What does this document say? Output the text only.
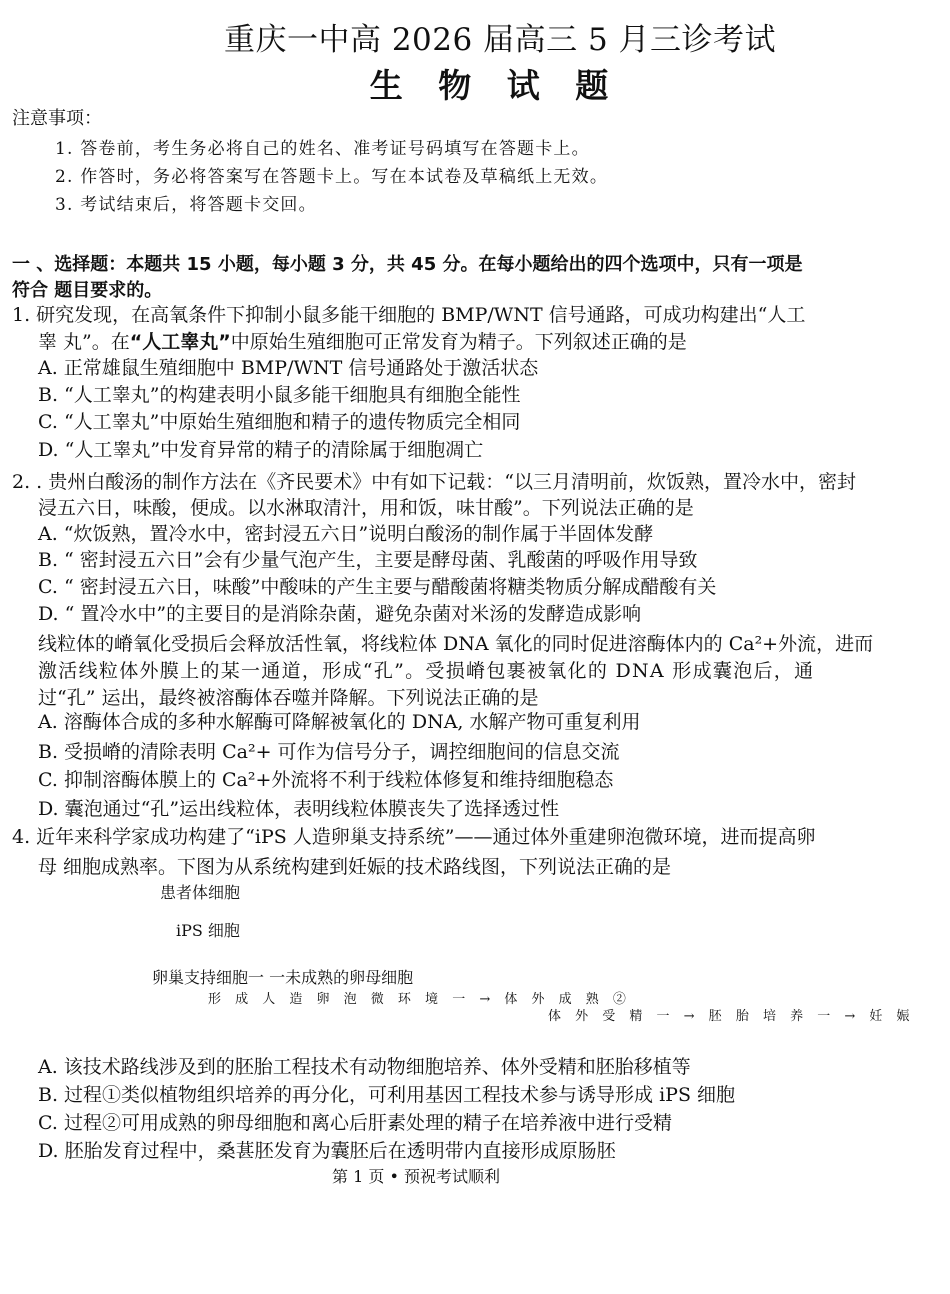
重庆一中高 2026 届高三 5 月三诊考试
生 物 试 题
注意事项：
1. 答卷前，考生务必将自己的姓名、准考证号码填写在答题卡上。
2. 作答时，务必将答案写在答题卡上。写在本试卷及草稿纸上无效。
3. 考试结束后，将答题卡交回。
一 、选择题：本题共 15 小题，每小题 3 分，共 45 分。在每小题给出的四个选项中，只有一项是
符合 题目要求的。
1. 研究发现，在高氧条件下抑制小鼠多能干细胞的 BMP/WNT 信号通路，可成功构建出“人工
睾 丸”。在“人工睾丸”中原始生殖细胞可正常发育为精子。下列叙述正确的是
A. 正常雄鼠生殖细胞中 BMP/WNT 信号通路处于激活状态
B. “人工睾丸”的构建表明小鼠多能干细胞具有细胞全能性
C. “人工睾丸”中原始生殖细胞和精子的遗传物质完全相同
D. “人工睾丸”中发育异常的精子的清除属于细胞凋亡
2. . 贵州白酸汤的制作方法在《齐民要术》中有如下记载：“以三月清明前，炊饭熟，置冷水中，密封
浸五六日，味酸，便成。以水淋取清汁，用和饭，味甘酸”。下列说法正确的是
A. “炊饭熟，置冷水中，密封浸五六日”说明白酸汤的制作属于半固体发酵
B. “ 密封浸五六日”会有少量气泡产生，主要是酵母菌、乳酸菌的呼吸作用导致
C. “ 密封浸五六日，味酸”中酸味的产生主要与醋酸菌将糖类物质分解成醋酸有关
D. “ 置冷水中”的主要目的是消除杂菌，避免杂菌对米汤的发酵造成影响
线粒体的嵴氧化受损后会释放活性氧，将线粒体 DNA 氧化的同时促进溶酶体内的 Ca²+外流，进而
激活线粒体外膜上的某一通道，形成“孔”。受损嵴包裹被氧化的 DNA 形成囊泡后，通
过“孔” 运出，最终被溶酶体吞噬并降解。下列说法正确的是
A. 溶酶体合成的多种水解酶可降解被氧化的 DNA, 水解产物可重复利用
B. 受损嵴的清除表明 Ca²+ 可作为信号分子，调控细胞间的信息交流
C. 抑制溶酶体膜上的 Ca²+外流将不利于线粒体修复和维持细胞稳态
D. 囊泡通过“孔”运出线粒体，表明线粒体膜丧失了选择透过性
4. 近年来科学家成功构建了“iPS 人造卵巢支持系统”——通过体外重建卵泡微环境，进而提高卵
母 细胞成熟率。下图为从系统构建到妊娠的技术路线图，下列说法正确的是
患者体细胞
iPS 细胞
卵巢支持细胞一 一未成熟的卵母细胞
形 成 人 造 卵 泡 微 环 境 一 → 体 外 成 熟 ②
体 外 受 精 一 → 胚 胎 培 养 一 → 妊 娠
A. 该技术路线涉及到的胚胎工程技术有动物细胞培养、体外受精和胚胎移植等
B. 过程①类似植物组织培养的再分化，可利用基因工程技术参与诱导形成 iPS 细胞
C. 过程②可用成熟的卵母细胞和离心后肝素处理的精子在培养液中进行受精
D. 胚胎发育过程中，桑葚胚发育为囊胚后在透明带内直接形成原肠胚
第 1 页 • 预祝考试顺利
